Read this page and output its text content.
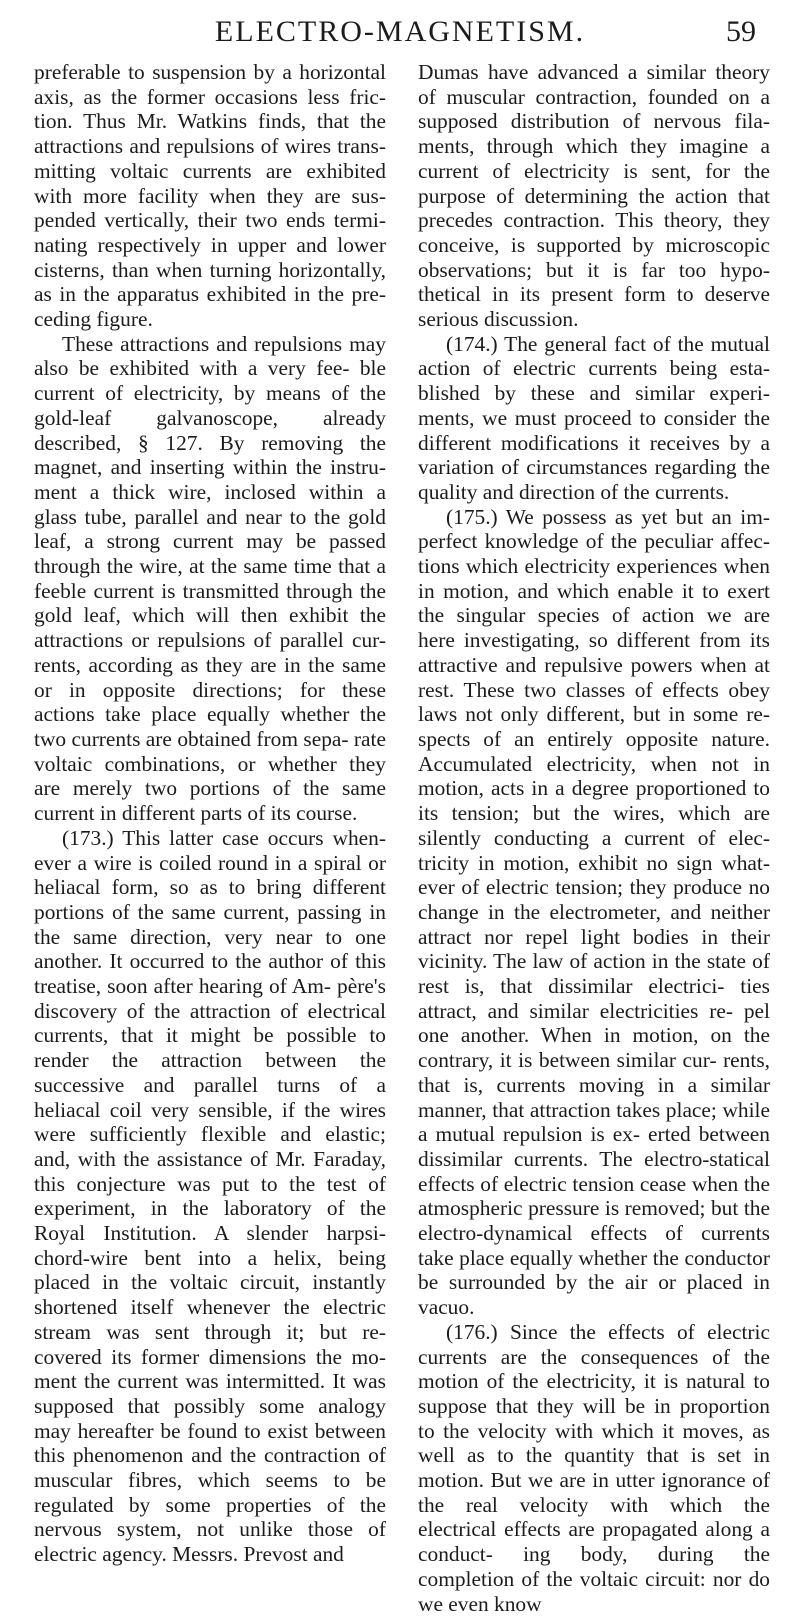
ELECTRO-MAGNETISM.	59

preferable to suspension by a horizontal axis, as the former occasions less fric- tion. Thus Mr. Watkins finds, that the attractions and repulsions of wires trans- mitting voltaic currents are exhibited with more facility when they are sus- pended vertically, their two ends termi- nating respectively in upper and lower cisterns, than when turning horizontally, as in the apparatus exhibited in the pre- ceding figure.

These attractions and repulsions may also be exhibited with a very fee- ble current of electricity, by means of the gold-leaf galvanoscope, already described, § 127. By removing the magnet, and inserting within the instru- ment a thick wire, inclosed within a glass tube, parallel and near to the gold leaf, a strong current may be passed through the wire, at the same time that a feeble current is transmitted through the gold leaf, which will then exhibit the attractions or repulsions of parallel cur- rents, according as they are in the same or in opposite directions; for these actions take place equally whether the two currents are obtained from sepa- rate voltaic combinations, or whether they are merely two portions of the same current in different parts of its course.

(173.) This latter case occurs when- ever a wire is coiled round in a spiral or heliacal form, so as to bring different portions of the same current, passing in the same direction, very near to one another. It occurred to the author of this treatise, soon after hearing of Am- père's discovery of the attraction of electrical currents, that it might be possible to render the attraction between the successive and parallel turns of a heliacal coil very sensible, if the wires were sufficiently flexible and elastic; and, with the assistance of Mr. Faraday, this conjecture was put to the test of experiment, in the laboratory of the Royal Institution. A slender harpsi- chord-wire bent into a helix, being placed in the voltaic circuit, instantly shortened itself whenever the electric stream was sent through it; but re- covered its former dimensions the mo- ment the current was intermitted. It was supposed that possibly some analogy may hereafter be found to exist between this phenomenon and the contraction of muscular fibres, which seems to be regulated by some properties of the nervous system, not unlike those of electric agency. Messrs. Prevost and

Dumas have advanced a similar theory of muscular contraction, founded on a supposed distribution of nervous fila- ments, through which they imagine a current of electricity is sent, for the purpose of determining the action that precedes contraction. This theory, they conceive, is supported by microscopic observations; but it is far too hypo- thetical in its present form to deserve serious discussion.

(174.) The general fact of the mutual action of electric currents being esta- blished by these and similar experi- ments, we must proceed to consider the different modifications it receives by a variation of circumstances regarding the quality and direction of the currents.

(175.) We possess as yet but an im- perfect knowledge of the peculiar affec- tions which electricity experiences when in motion, and which enable it to exert the singular species of action we are here investigating, so different from its attractive and repulsive powers when at rest. These two classes of effects obey laws not only different, but in some re- spects of an entirely opposite nature. Accumulated electricity, when not in motion, acts in a degree proportioned to its tension; but the wires, which are silently conducting a current of elec- tricity in motion, exhibit no sign what- ever of electric tension; they produce no change in the electrometer, and neither attract nor repel light bodies in their vicinity. The law of action in the state of rest is, that dissimilar electrici- ties attract, and similar electricities re- pel one another. When in motion, on the contrary, it is between similar cur- rents, that is, currents moving in a similar manner, that attraction takes place; while a mutual repulsion is ex- erted between dissimilar currents. The electro-statical effects of electric tension cease when the atmospheric pressure is removed; but the electro-dynamical effects of currents take place equally whether the conductor be surrounded by the air or placed in vacuo.

(176.) Since the effects of electric currents are the consequences of the motion of the electricity, it is natural to suppose that they will be in proportion to the velocity with which it moves, as well as to the quantity that is set in motion. But we are in utter ignorance of the real velocity with which the electrical effects are propagated along a conduct- ing body, during the completion of the voltaic circuit: nor do we even know
